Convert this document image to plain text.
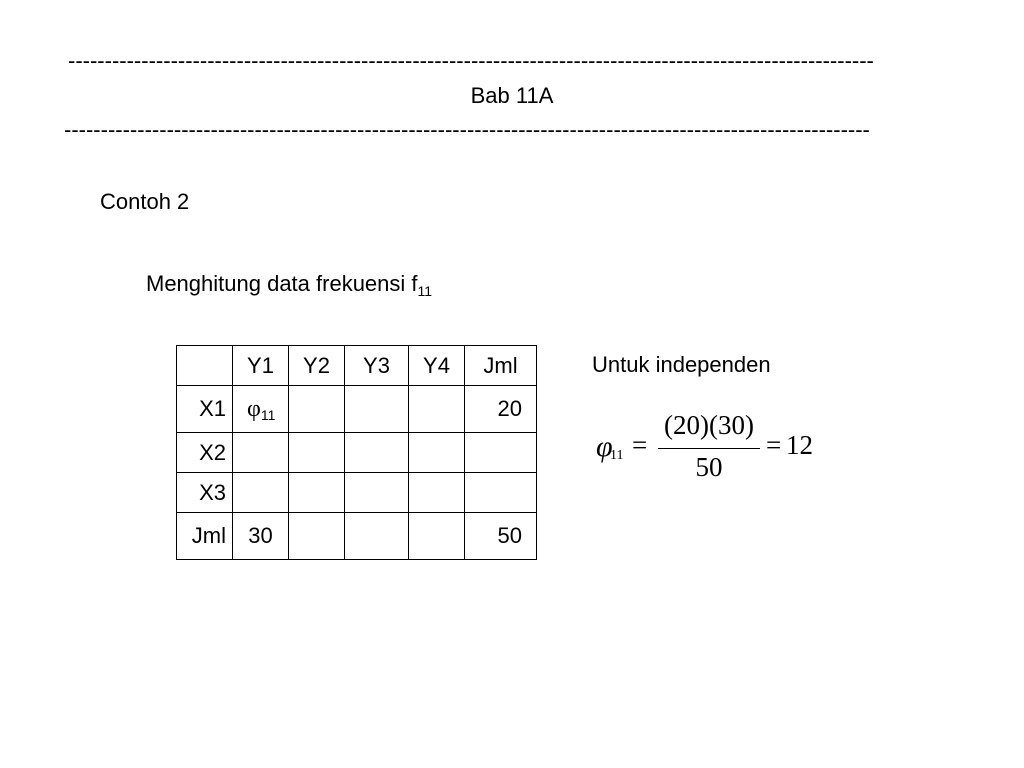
--------------------------------------------------------------------------------------------------------------
Bab 11A
--------------------------------------------------------------------------------------------------------------
Contoh 2
Menghitung data frekuensi $f_{11}$
	Y1	Y2	Y3	Y4	Jml
X1	φ11				20
X2					
X3					
Jml	30				50
Untuk independen
φ
11 =
(20)(30)
50
= 12
